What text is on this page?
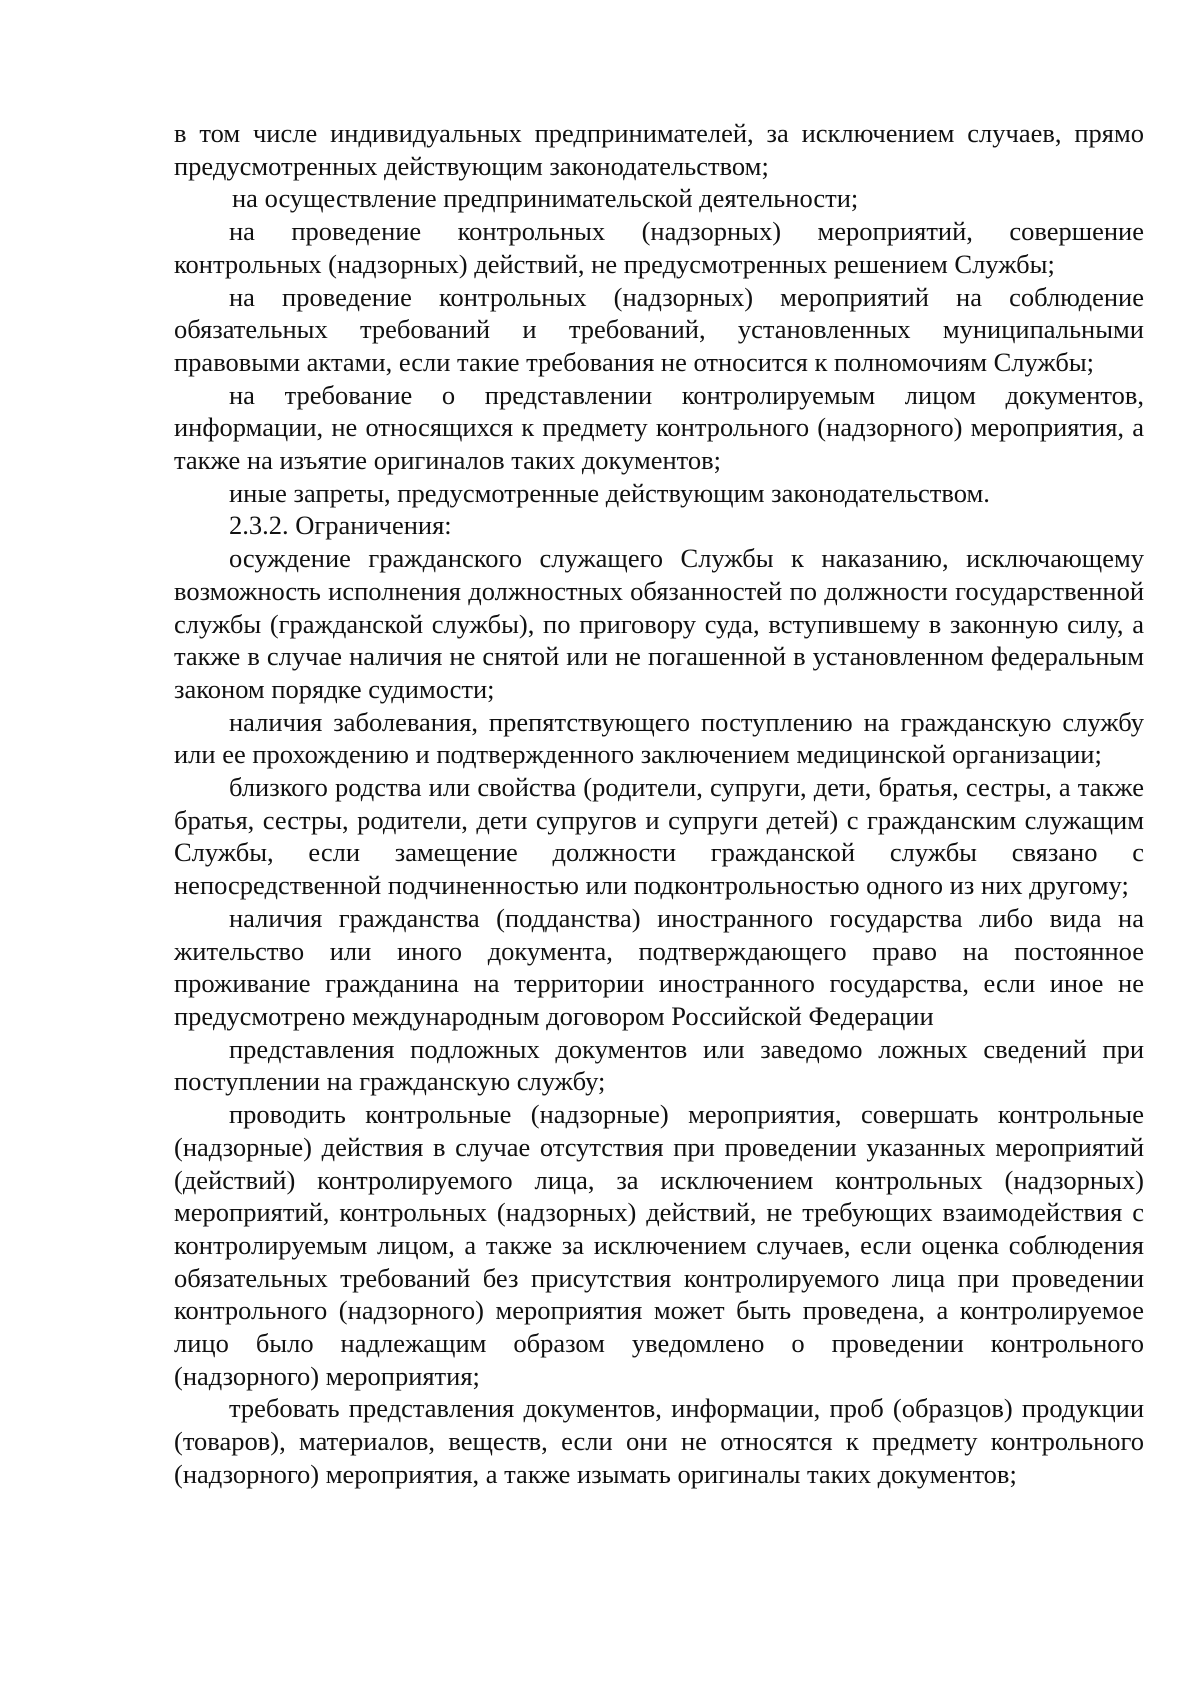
в том числе индивидуальных предпринимателей, за исключением случаев, прямо предусмотренных действующим законодательством;

на осуществление предпринимательской деятельности;

на проведение контрольных (надзорных) мероприятий, совершение контрольных (надзорных) действий, не предусмотренных решением Службы;

на проведение контрольных (надзорных) мероприятий на соблюдение обязательных требований и требований, установленных муниципальными правовыми актами, если такие требования не относится к полномочиям Службы;

на требование о представлении контролируемым лицом документов, информации, не относящихся к предмету контрольного (надзорного) мероприятия, а также на изъятие оригиналов таких документов;

иные запреты, предусмотренные действующим законодательством.

2.3.2. Ограничения:

осуждение гражданского служащего Службы к наказанию, исключающему возможность исполнения должностных обязанностей по должности государственной службы (гражданской службы), по приговору суда, вступившему в законную силу, а также в случае наличия не снятой или не погашенной в установленном федеральным законом порядке судимости;

наличия заболевания, препятствующего поступлению на гражданскую службу или ее прохождению и подтвержденного заключением медицинской организации;

близкого родства или свойства (родители, супруги, дети, братья, сестры, а также братья, сестры, родители, дети супругов и супруги детей) с гражданским служащим Службы, если замещение должности гражданской службы связано с непосредственной подчиненностью или подконтрольностью одного из них другому;

наличия гражданства (подданства) иностранного государства либо вида на жительство или иного документа, подтверждающего право на постоянное проживание гражданина на территории иностранного государства, если иное не предусмотрено международным договором Российской Федерации

представления подложных документов или заведомо ложных сведений при поступлении на гражданскую службу;

проводить контрольные (надзорные) мероприятия, совершать контрольные (надзорные) действия в случае отсутствия при проведении указанных мероприятий (действий) контролируемого лица, за исключением контрольных (надзорных) мероприятий, контрольных (надзорных) действий, не требующих взаимодействия с контролируемым лицом, а также за исключением случаев, если оценка соблюдения обязательных требований без присутствия контролируемого лица при проведении контрольного (надзорного) мероприятия может быть проведена, а контролируемое лицо было надлежащим образом уведомлено о проведении контрольного (надзорного) мероприятия;

требовать представления документов, информации, проб (образцов) продукции (товаров), материалов, веществ, если они не относятся к предмету контрольного (надзорного) мероприятия, а также изымать оригиналы таких документов;
